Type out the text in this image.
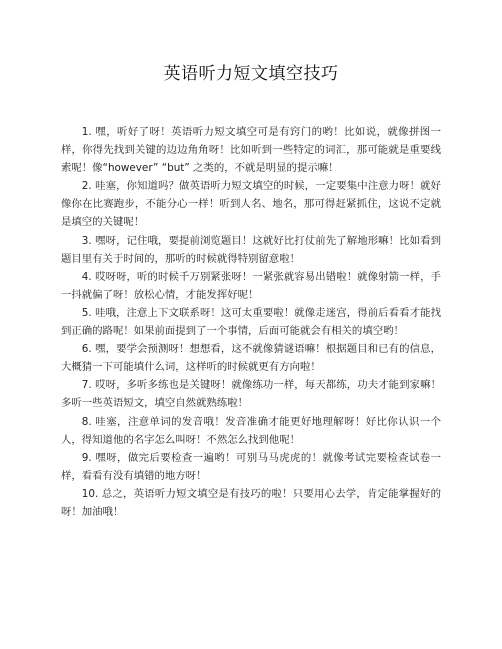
英语听力短文填空技巧

1. 嘿，听好了呀！英语听力短文填空可是有窍门的哟！比如说，就像拼图一样，你得先找到关键的边边角角呀！比如听到一些特定的词汇，那可能就是重要线索呢！像“however” “but” 之类的，不就是明显的提示嘛！

2. 哇塞，你知道吗？做英语听力短文填空的时候，一定要集中注意力呀！就好像你在比赛跑步，不能分心一样！听到人名、地名，那可得赶紧抓住，这说不定就是填空的关键呢！

3. 嘿呀，记住哦，要提前浏览题目！这就好比打仗前先了解地形嘛！比如看到题目里有关于时间的，那听的时候就得特别留意啦！

4. 哎呀呀，听的时候千万别紧张呀！一紧张就容易出错啦！就像射箭一样，手一抖就偏了呀！放松心情，才能发挥好呢！

5. 哇哦，注意上下文联系呀！这可太重要啦！就像走迷宫，得前后看看才能找到正确的路呢！如果前面提到了一个事情，后面可能就会有相关的填空哟！

6. 嘿，要学会预测呀！想想看，这不就像猜谜语嘛！根据题目和已有的信息，大概猜一下可能填什么词，这样听的时候就更有方向啦！

7. 哎呀，多听多练也是关键呀！就像练功一样，每天都练，功夫才能到家嘛！多听一些英语短文，填空自然就熟练啦！

8. 哇塞，注意单词的发音哦！发音准确才能更好地理解呀！好比你认识一个人，得知道他的名字怎么叫呀！不然怎么找到他呢！

9. 嘿呀，做完后要检查一遍哟！可别马马虎虎的！就像考试完要检查试卷一样，看看有没有填错的地方呀！

10. 总之，英语听力短文填空是有技巧的啦！只要用心去学，肯定能掌握好的呀！加油哦！
